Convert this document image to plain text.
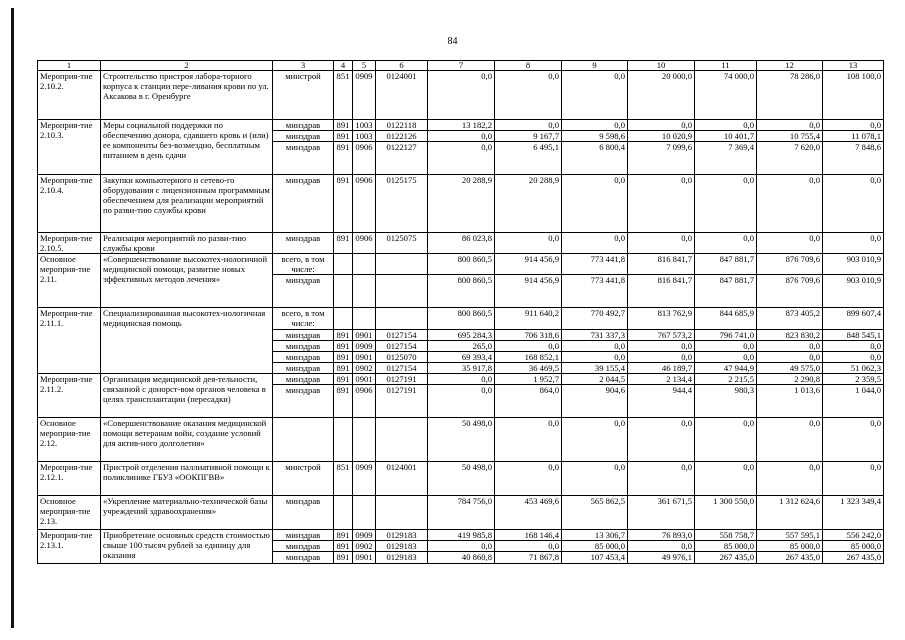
84
1	2	3	4	5	6	7	8	9	10	11	12	13
Мероприя-тие 2.10.2.	Строительство пристроя лабора-торного корпуса к станции пере-ливания крови по ул. Аксакова в г. Оренбурге	минстрой	851	0909	0124001	0,0	0,0	0,0	20 000,0	74 000,0	78 286,0	108 100,0
Мероприя-тие 2.10.3.	Меры социальной поддержки по обеспечению донора, сдавшего кровь и (или) ее компоненты без-возмездно, бесплатным питанием в день сдачи	минздрав	891	1003	0122118	13 182,2	0,0	0,0	0,0	0,0	0,0	0,0
		минздрав	891	1003	0122126	0,0	9 167,7	9 598,6	10 020,9	10 401,7	10 755,4	11 078,1
		минздрав	891	0906	0122127	0,0	6 495,1	6 800,4	7 099,6	7 369,4	7 620,0	7 848,6
Мероприя-тие 2.10.4.	Закупки компьютерного и сетево-го оборудования с лицензионным программным обеспечением для реализации мероприятий по разви-тию службы крови	минздрав	891	0906	0125175	20 288,9	20 288,9	0,0	0,0	0,0	0,0	0,0
Мероприя-тие 2.10.5.	Реализация мероприятий по разви-тию службы крови	минздрав	891	0906	0125075	86 023,8	0,0	0,0	0,0	0,0	0,0	0,0
Основное мероприя-тие 2.11.	«Совершенствование высокотех-нологичной медицинской помощи, развитие новых эффективных методов лечения»	всего, в том числе:				800 860,5	914 456,9	773 441,8	816 841,7	847 881,7	876 709,6	903 010,9
		минздрав				800 860,5	914 456,9	773 441,8	816 841,7	847 881,7	876 709,6	903 010,9
Мероприя-тие 2.11.1.	Специализированная высокотех-нологичная медицинская помощь	всего, в том числе:				800 860,5	911 640,2	770 492,7	813 762,9	844 685,9	873 405,2	899 607,4
		минздрав	891	0901	0127154	695 284,3	706 318,6	731 337,3	767 573,2	796 741,0	823 830,2	848 545,1
		минздрав	891	0909	0127154	265,0	0,0	0,0	0,0	0,0	0,0	0,0
		минздрав	891	0901	0125070	69 393,4	168 852,1	0,0	0,0	0,0	0,0	0,0
		минздрав	891	0902	0127154	35 917,8	36 469,5	39 155,4	46 189,7	47 944,9	49 575,0	51 062,3
Мероприя-тие 2.11.2.	Организация медицинской дея-тельности, связанной с донорст-вом органов человека в целях трансплантации (пересадки)	минздрав	891	0901	0127191	0,0	1 952,7	2 044,5	2 134,4	2 215,5	2 290,8	2 359,5
		минздрав	891	0906	0127191	0,0	864,0	904,6	944,4	980,3	1 013,6	1 044,0
Основное мероприя-тие 2.12.	«Совершенствование оказания медицинской помощи ветеранам войн, создание условий для актив-ного долголетия»					50 498,0	0,0	0,0	0,0	0,0	0,0	0,0
Мероприя-тие 2.12.1.	Пристрой отделения паллиативной помощи к поликлинике ГБУЗ «ООКПГВВ»	минстрой	851	0909	0124001	50 498,0	0,0	0,0	0,0	0,0	0,0	0,0
Основное мероприя-тие 2.13.	«Укрепление материально-технической базы учреждений здравоохранения»	минздрав				784 756,0	453 469,6	565 862,5	361 671,5	1 300 550,0	1 312 624,6	1 323 349,4
Мероприя-тие 2.13.1.	Приобретение основных средств стоимостью свыше 100 тысяч рублей за единицу для оказания	минздрав	891	0909	0129183	419 985,8	168 146,4	13 306,7	76 893,0	558 758,7	557 595,1	556 242,0
		минздрав	891	0902	0129183	0,0	0,0	85 000,0	0,0	85 000,0	85 000,0	85 000,0
		минздрав	891	0901	0129183	40 860,8	71 867,8	107 453,4	49 976,1	267 435,0	267 435,0	267 435,0
